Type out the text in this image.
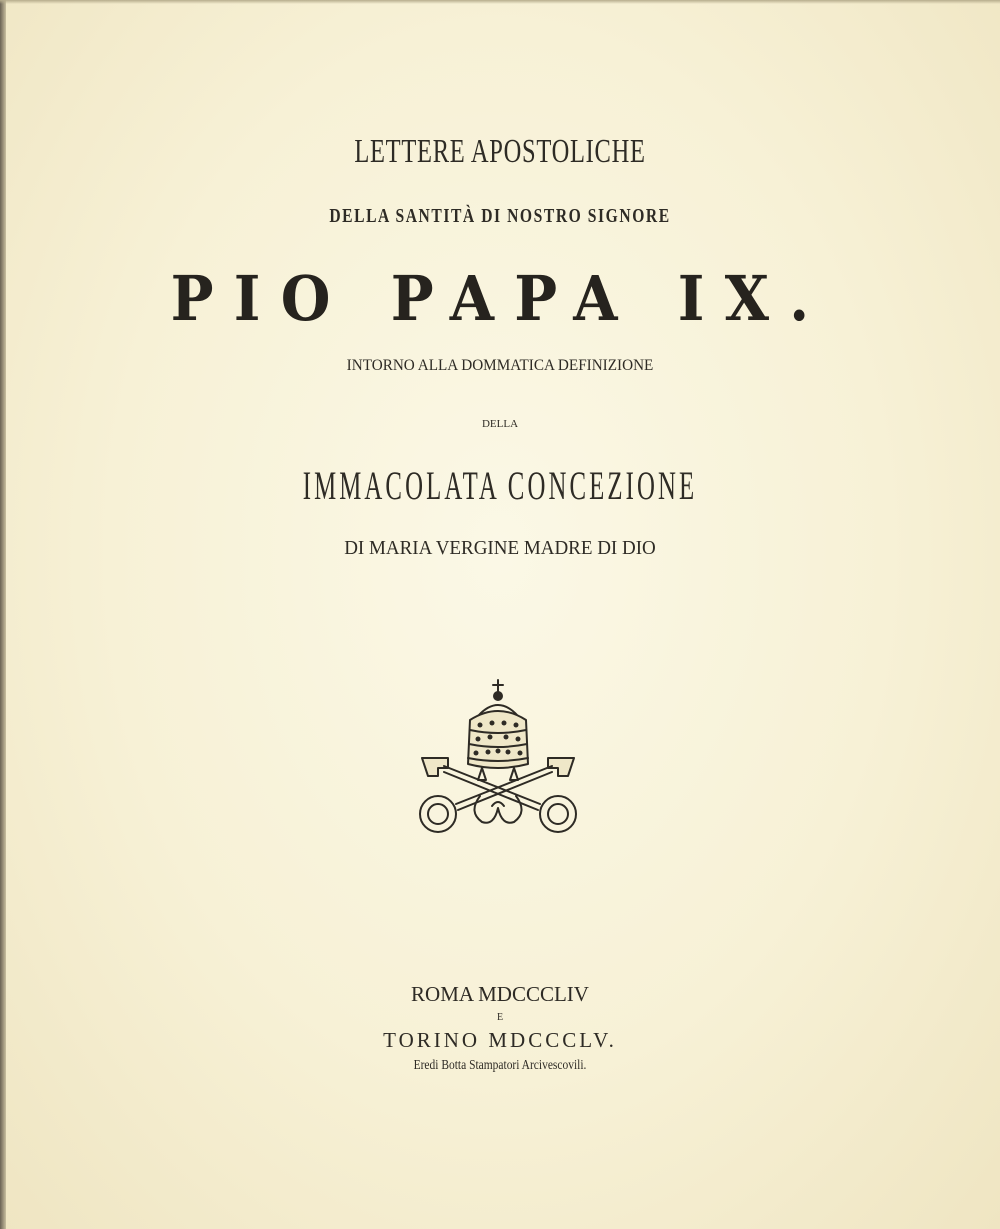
LETTERE APOSTOLICHE
DELLA SANTITÀ DI NOSTRO SIGNORE
PIO PAPA IX.
INTORNO ALLA DOMMATICA DEFINIZIONE
DELLA
IMMACOLATA CONCEZIONE
DI MARIA VERGINE MADRE DI DIO
ROMA MDCCCLIV
E
TORINO MDCCCLV.
Eredi Botta Stampatori Arcivescovili.
